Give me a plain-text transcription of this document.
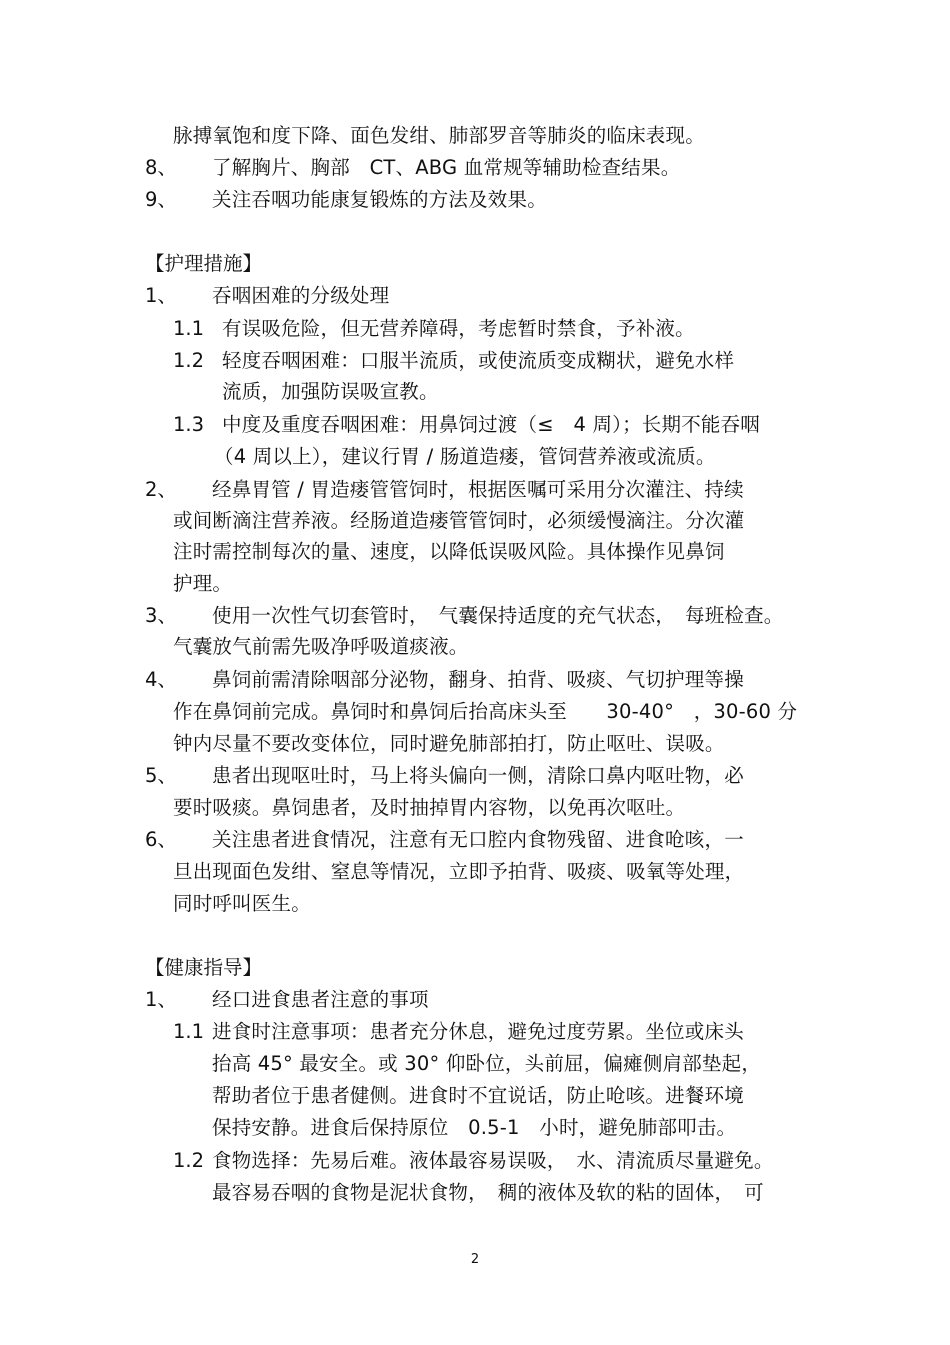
脉搏氧饱和度下降、面色发绀、肺部罗音等肺炎的临床表现。
8、 了解胸片、胸部　CT、ABG 血常规等辅助检查结果。
9、 关注吞咽功能康复锻炼的方法及效果。
【护理措施】
1、 吞咽困难的分级处理
1.1 有误吸危险，但无营养障碍，考虑暂时禁食，予补液。
1.2 轻度吞咽困难：口服半流质，或使流质变成糊状，避免水样
流质，加强防误吸宣教。
1.3 中度及重度吞咽困难：用鼻饲过渡（≤　4 周）；长期不能吞咽
（4 周以上），建议行胃 / 肠道造瘘，管饲营养液或流质。
2、 经鼻胃管 / 胃造瘘管管饲时，根据医嘱可采用分次灌注、持续
或间断滴注营养液。经肠道造瘘管管饲时，必须缓慢滴注。分次灌
注时需控制每次的量、速度，以降低误吸风险。具体操作见鼻饲
护理。
3、 使用一次性气切套管时，　气囊保持适度的充气状态，　每班检查。
气囊放气前需先吸净呼吸道痰液。
4、 鼻饲前需清除咽部分泌物，翻身、拍背、吸痰、气切护理等操
作在鼻饲前完成。鼻饲时和鼻饲后抬高床头至　　30-40°　，30-60 分
钟内尽量不要改变体位，同时避免肺部拍打，防止呕吐、误吸。
5、 患者出现呕吐时，马上将头偏向一侧，清除口鼻内呕吐物，必
要时吸痰。鼻饲患者，及时抽掉胃内容物，以免再次呕吐。
6、 关注患者进食情况，注意有无口腔内食物残留、进食呛咳，一
旦出现面色发绀、窒息等情况，立即予拍背、吸痰、吸氧等处理，
同时呼叫医生。
【健康指导】
1、 经口进食患者注意的事项
1.1 进食时注意事项：患者充分休息，避免过度劳累。坐位或床头
抬高 45° 最安全。或 30° 仰卧位，头前屈，偏瘫侧肩部垫起，
帮助者位于患者健侧。进食时不宜说话，防止呛咳。进餐环境
保持安静。进食后保持原位　0.5-1　小时，避免肺部叩击。
1.2 食物选择：先易后难。液体最容易误吸，　水、清流质尽量避免。
最容易吞咽的食物是泥状食物，　稠的液体及软的粘的固体，　可
2
